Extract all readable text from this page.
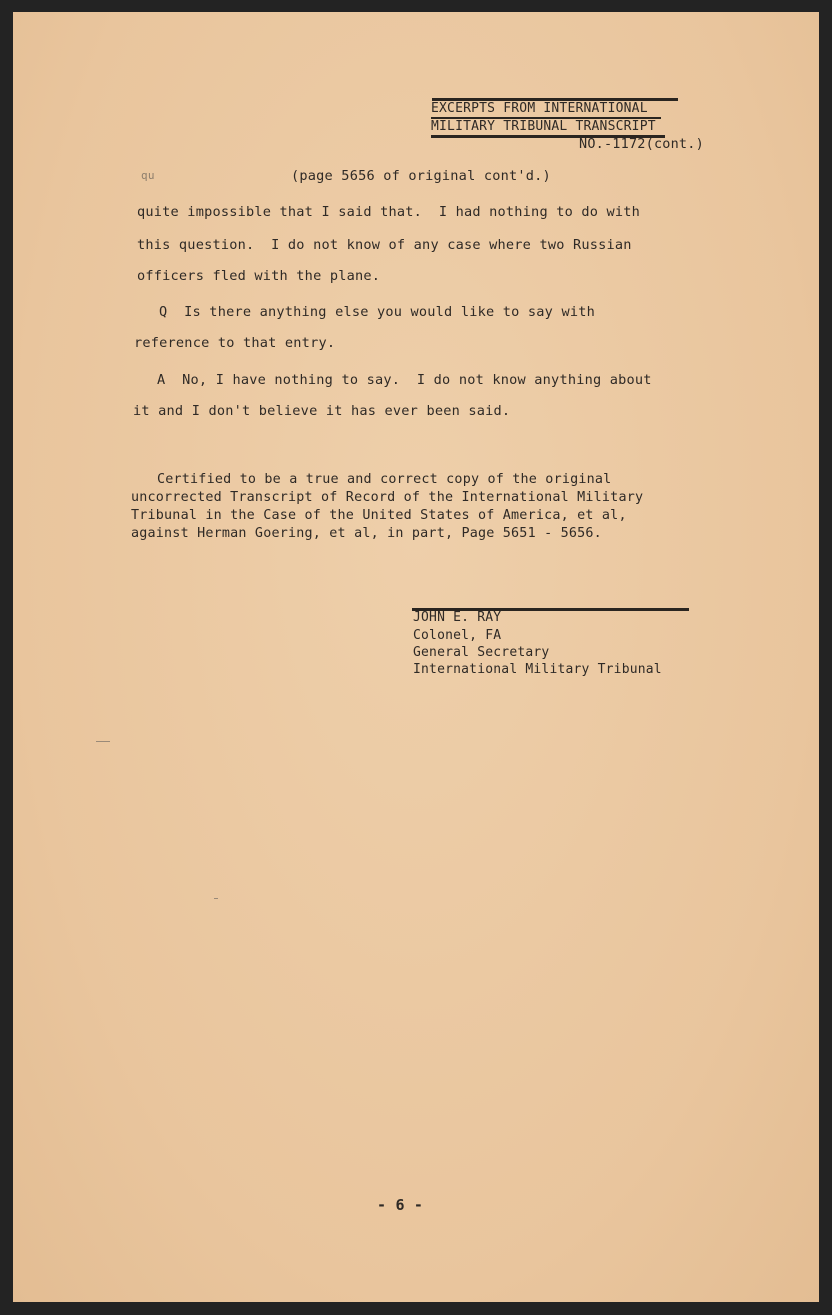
EXCERPTS FROM INTERNATIONAL
MILITARY TRIBUNAL TRANSCRIPT
NO.-1172(cont.)
qu	(page 5656 of original cont'd.)
quite impossible that I said that.  I had nothing to do with
this question.  I do not know of any case where two Russian
officers fled with the plane.
Q  Is there anything else you would like to say with
reference to that entry.
A  No, I have nothing to say.  I do not know anything about
it and I don't believe it has ever been said.
Certified to be a true and correct copy of the original
uncorrected Transcript of Record of the International Military
Tribunal in the Case of the United States of America, et al,
against Herman Goering, et al, in part, Page 5651 - 5656.
JOHN E. RAY
Colonel, FA
General Secretary
International Military Tribunal
- 6 -
